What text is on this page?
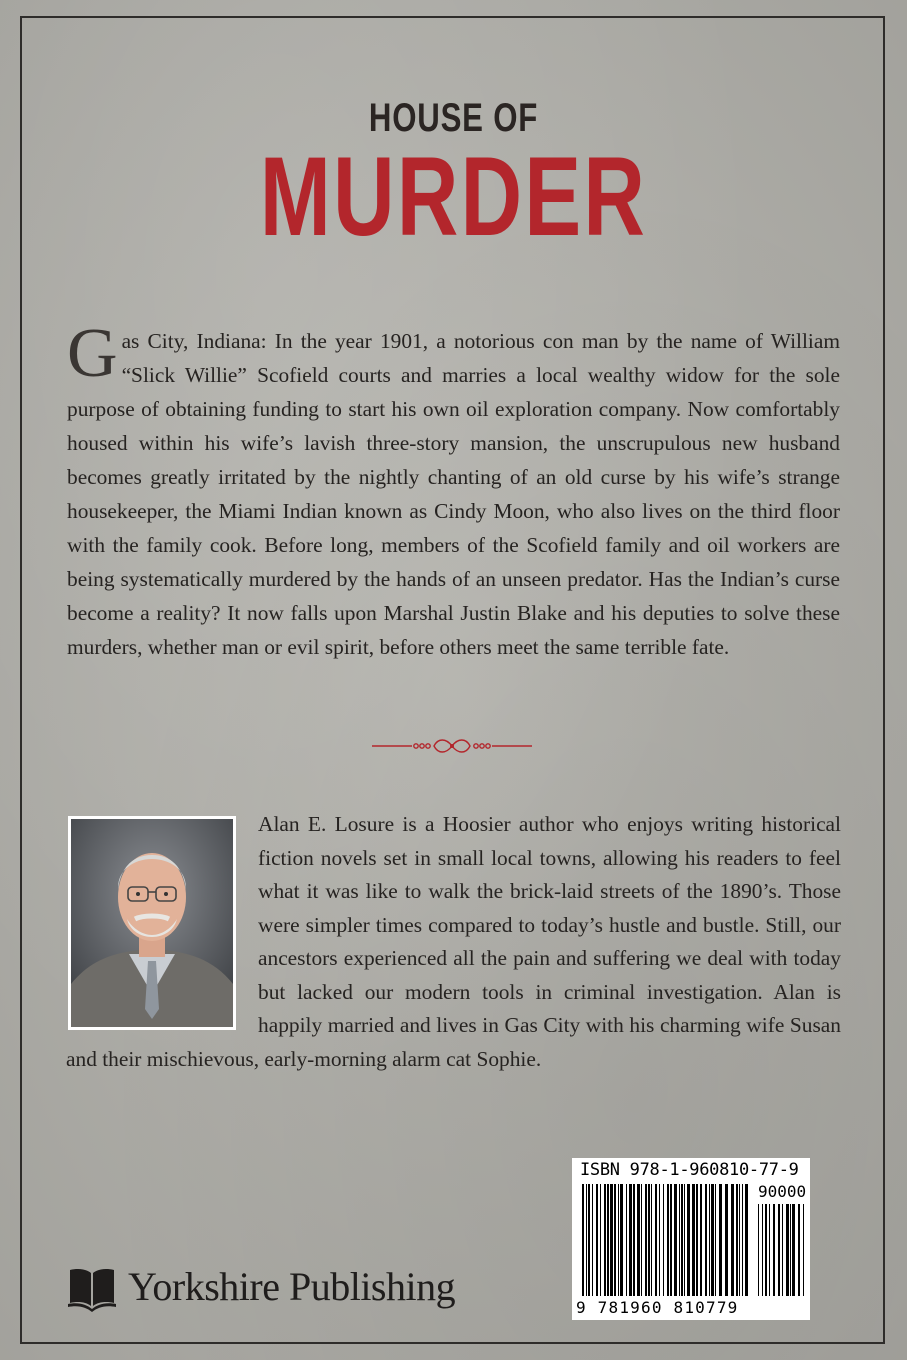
HOUSE OF
MURDER

Gas City, Indiana: In the year 1901, a notorious con man by the name of William “Slick Willie” Scofield courts and marries a local wealthy widow for the sole purpose of obtaining funding to start his own oil exploration company. Now comfortably housed within his wife’s lavish three-story mansion, the unscrupulous new husband becomes greatly irritated by the nightly chanting of an old curse by his wife’s strange housekeeper, the Miami Indian known as Cindy Moon, who also lives on the third floor with the family cook. Before long, members of the Scofield family and oil workers are being systematically murdered by the hands of an unseen predator. Has the Indian’s curse become a reality? It now falls upon Marshal Justin Blake and his deputies to solve these murders, whether man or evil spirit, before others meet the same terrible fate.

Alan E. Losure is a Hoosier author who enjoys writing historical fiction novels set in small local towns, allowing his readers to feel what it was like to walk the brick-laid streets of the 1890’s. Those were simpler times compared to today’s hustle and bustle. Still, our ancestors experienced all the pain and suffering we deal with today but lacked our modern tools in criminal investigation. Alan is happily married and lives in Gas City with his charming wife Susan and their mischievous, early-morning alarm cat Sophie.

Yorkshire Publishing
ISBN 978-1-960810-77-9
90000
9 781960 810779
